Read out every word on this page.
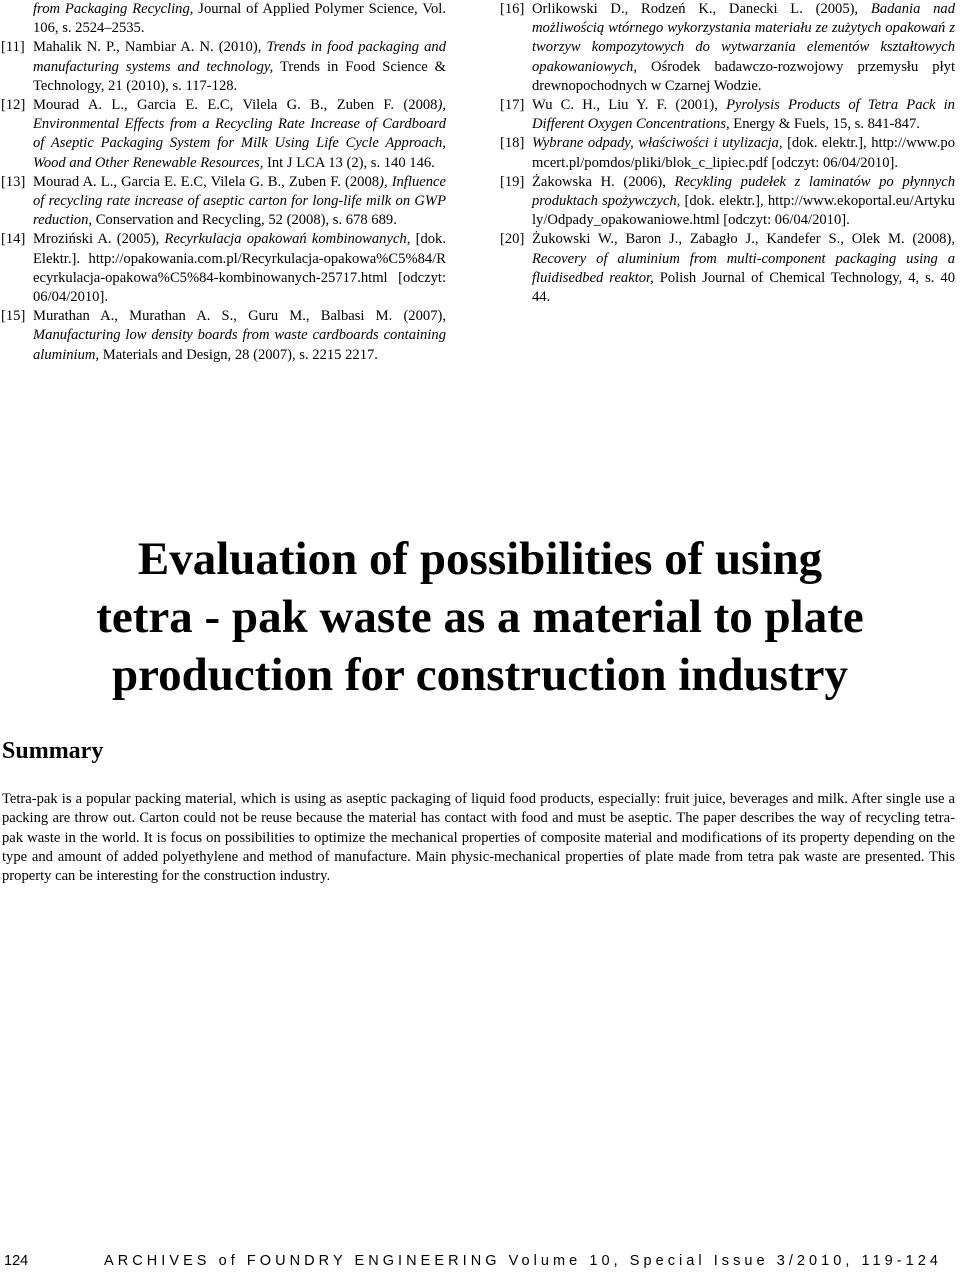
from Packaging Recycling, Journal of Applied Polymer Science, Vol. 106, s. 2524–2535.

[11] Mahalik N. P., Nambiar A. N. (2010), Trends in food packaging and manufacturing systems and technology, Trends in Food Science & Technology, 21 (2010), s. 117-128.

[12] Mourad A. L., Garcia E. E.C, Vilela G. B., Zuben F. (2008), Environmental Effects from a Recycling Rate Increase of Cardboard of Aseptic Packaging System for Milk Using Life Cycle Approach, Wood and Other Renewable Resources, Int J LCA 13 (2), s. 140 146.

[13] Mourad A. L., Garcia E. E.C, Vilela G. B., Zuben F. (2008), Influence of recycling rate increase of aseptic carton for long-life milk on GWP reduction, Conservation and Recycling, 52 (2008), s. 678 689.

[14] Mroziński A. (2005), Recyrkulacja opakowań kombinowanych, [dok. Elektr.]. http://opakowania.com.pl/Recyrkulacja-opakowa%C5%84/Recyrkulacja-opakowa%C5%84-kombinowanych-25717.html [odczyt: 06/04/2010].

[15] Murathan A., Murathan A. S., Guru M., Balbasi M. (2007), Manufacturing low density boards from waste cardboards containing aluminium, Materials and Design, 28 (2007), s. 2215 2217.

[16] Orlikowski D., Rodzeń K., Danecki L. (2005), Badania nad możliwością wtórnego wykorzystania materiału ze zużytych opakowań z tworzyw kompozytowych do wytwarzania elementów kształtowych opakowaniowych, Ośrodek badawczo-rozwojowy przemysłu płyt drewnopochodnych w Czarnej Wodzie.

[17] Wu C. H., Liu Y. F. (2001), Pyrolysis Products of Tetra Pack in Different Oxygen Concentrations, Energy & Fuels, 15, s. 841-847.

[18] Wybrane odpady, właściwości i utylizacja, [dok. elektr.], http://www.pomcert.pl/pomdos/pliki/blok_c_lipiec.pdf [odczyt: 06/04/2010].

[19] Żakowska H. (2006), Recykling pudełek z laminatów po płynnych produktach spożywczych, [dok. elektr.], http://www.ekoportal.eu/Artykuly/Odpady_opakowaniowe.html [odczyt: 06/04/2010].

[20] Żukowski W., Baron J., Zabagło J., Kandefer S., Olek M. (2008), Recovery of aluminium from multi-component packaging using a fluidisedbed reaktor, Polish Journal of Chemical Technology, 4, s. 40 44.

Evaluation of possibilities of using
tetra - pak waste as a material to plate
production for construction industry
Summary

Tetra-pak is a popular packing material, which is using as aseptic packaging of liquid food products, especially: fruit juice, beverages and milk. After single use a packing are throw out. Carton could not be reuse because the material has contact with food and must be aseptic. The paper describes the way of recycling tetra-pak waste in the world. It is focus on possibilities to optimize the mechanical properties of composite material and modifications of its property depending on the type and amount of added polyethylene and method of manufacture. Main physic-mechanical properties of plate made from tetra pak waste are presented. This property can be interesting for the construction industry.

124	ARCHIVES of FOUNDRY ENGINEERING Volume 10, Special Issue 3/2010, 119-124
